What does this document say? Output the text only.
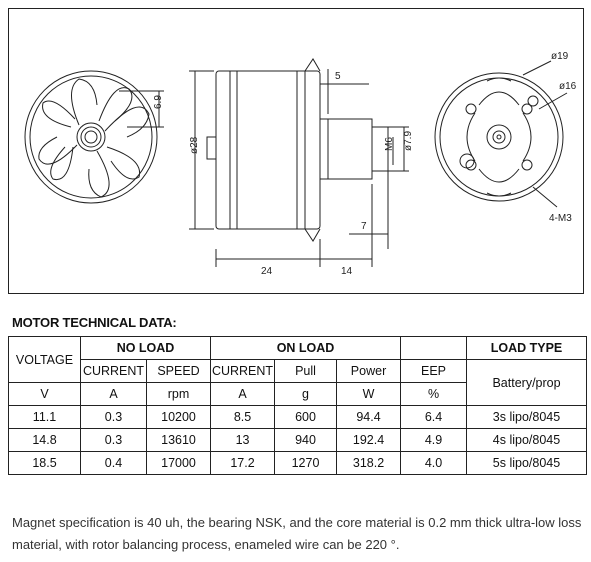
6.9
ø28
5
M6 ø7.9
7
24	14
ø19
ø16
4-M3
MOTOR TECHNICAL DATA:
VOLTAGE	NO LOAD		ON LOAD				LOAD TYPE
	CURRENT	SPEED	CURRENT	Pull	Power	EEP	Battery/prop
V	A	rpm	A	g	W	%	
11.1	0.3	10200	8.5	600	94.4	6.4	3s lipo/8045
14.8	0.3	13610	13	940	192.4	4.9	4s lipo/8045
18.5	0.4	17000	17.2	1270	318.2	4.0	5s lipo/8045
Magnet specification is 40 uh, the bearing NSK, and the core material is 0.2 mm thick ultra-low loss
material, with rotor balancing process, enameled wire can be 220 °.
